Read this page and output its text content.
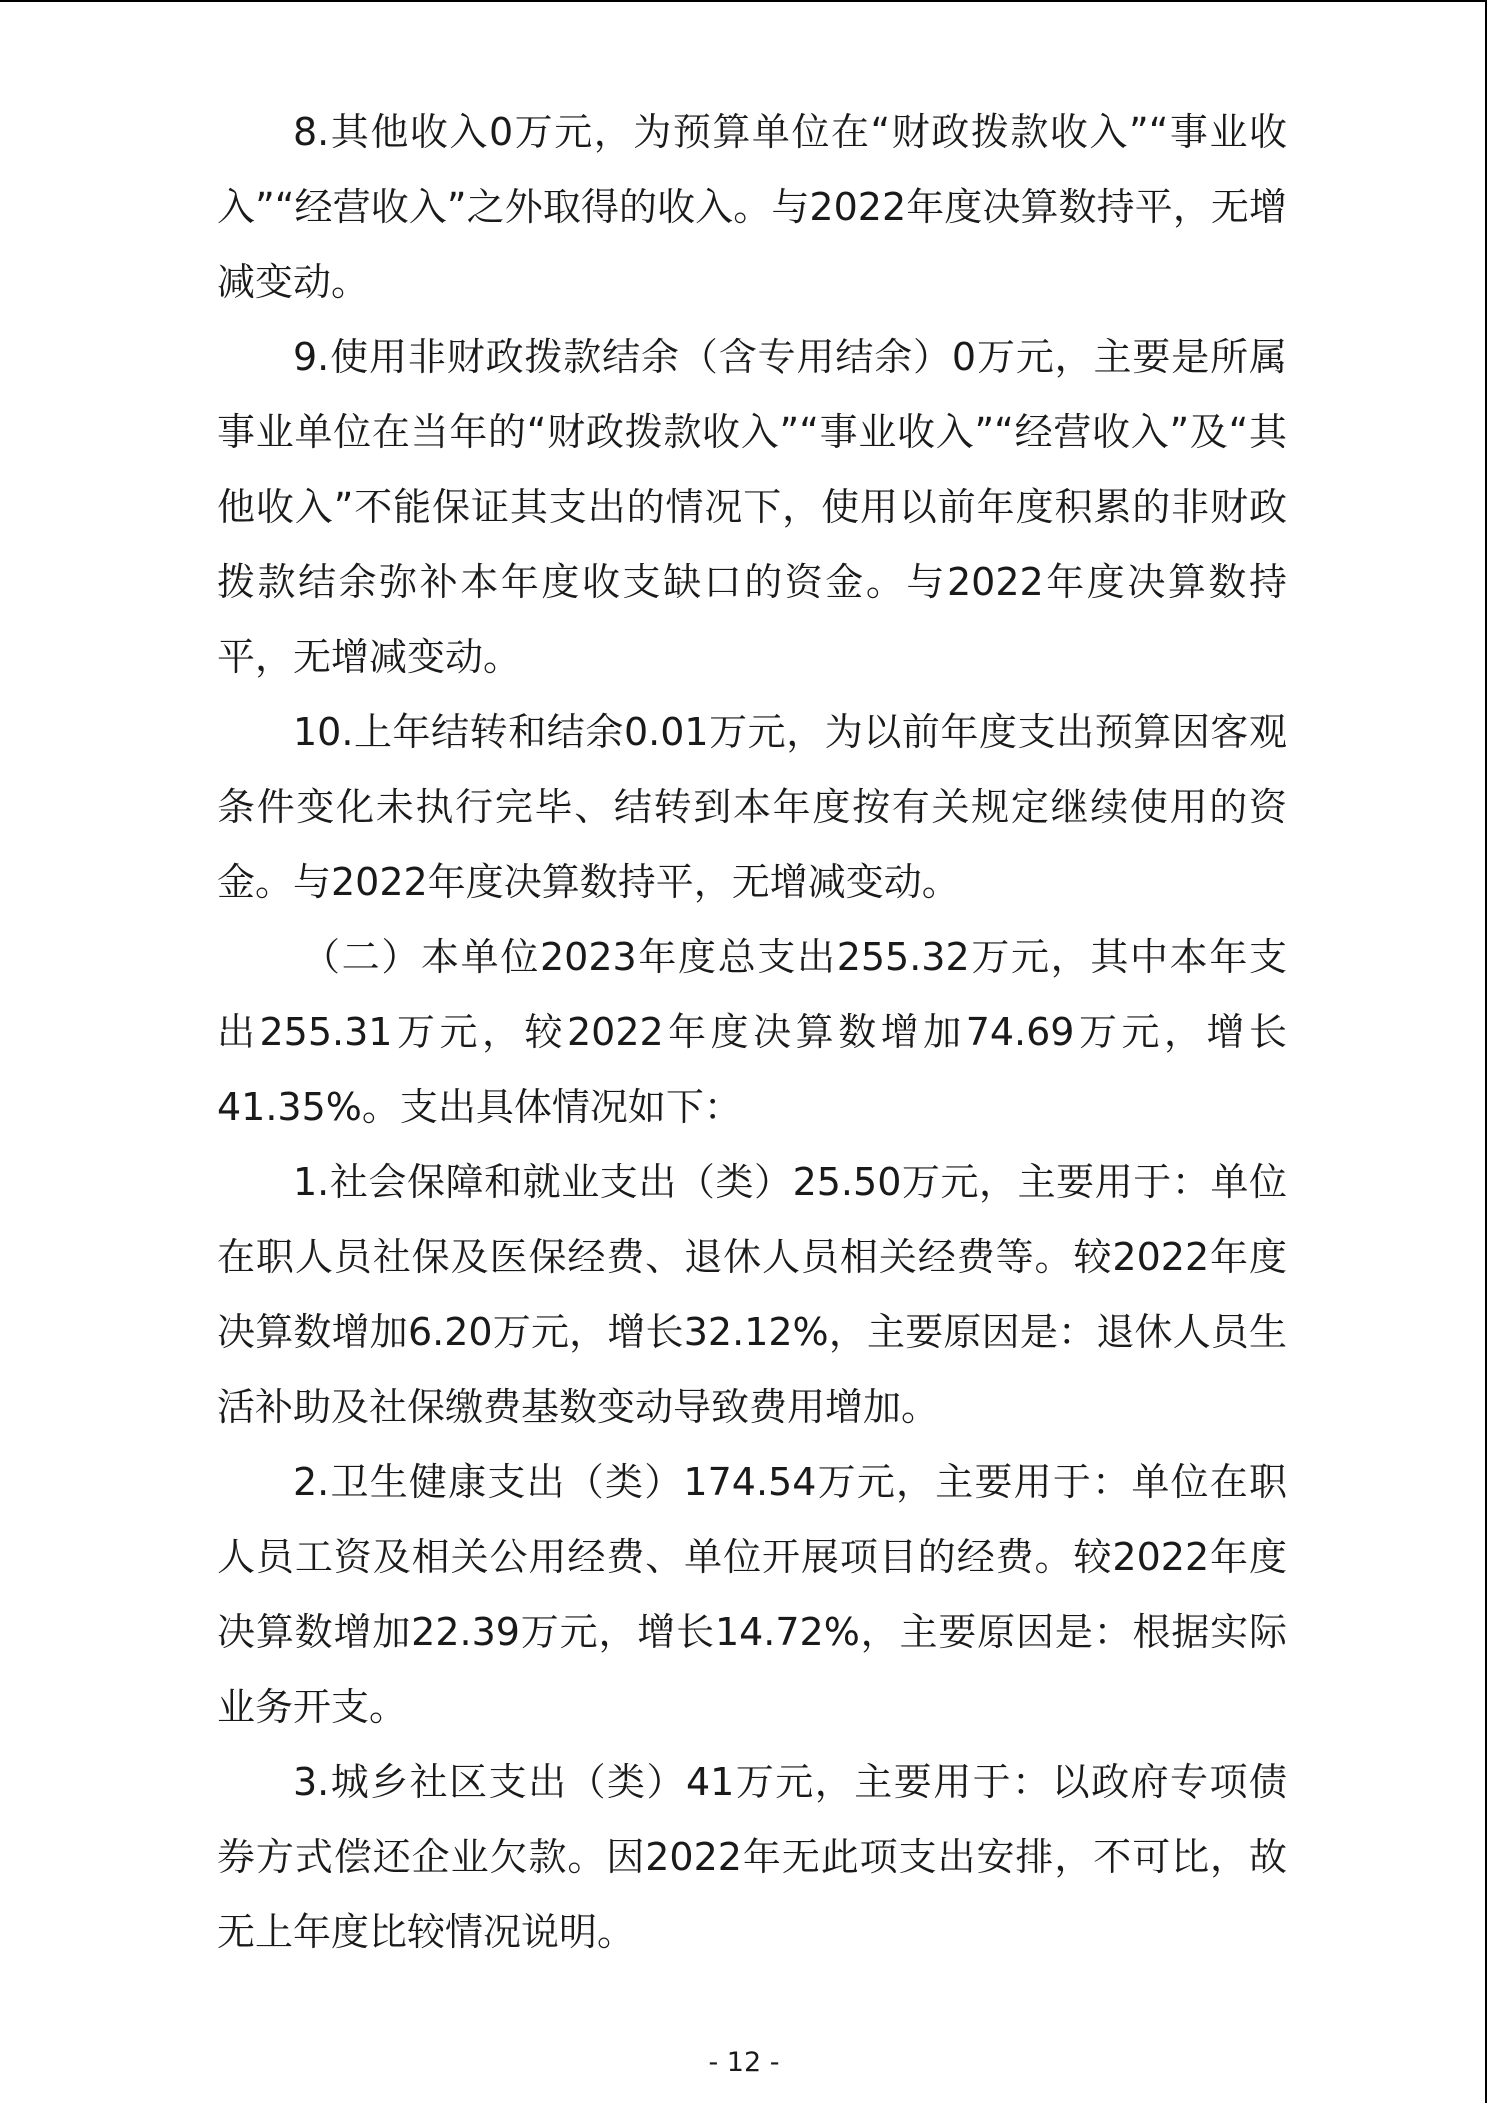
8.其他收入0万元，为预算单位在“财政拨款收入”“事业收入”“经营收入”之外取得的收入。与2022年度决算数持平，无增减变动。

9.使用非财政拨款结余（含专用结余）0万元，主要是所属事业单位在当年的“财政拨款收入”“事业收入”“经营收入”及“其他收入”不能保证其支出的情况下，使用以前年度积累的非财政拨款结余弥补本年度收支缺口的资金。与2022年度决算数持平，无增减变动。

10.上年结转和结余0.01万元，为以前年度支出预算因客观条件变化未执行完毕、结转到本年度按有关规定继续使用的资金。与2022年度决算数持平，无增减变动。

（二）本单位2023年度总支出255.32万元，其中本年支出255.31万元，较2022年度决算数增加74.69万元，增长41.35%。支出具体情况如下：

1.社会保障和就业支出（类）25.50万元，主要用于：单位在职人员社保及医保经费、退休人员相关经费等。较2022年度决算数增加6.20万元，增长32.12%，主要原因是：退休人员生活补助及社保缴费基数变动导致费用增加。

2.卫生健康支出（类）174.54万元，主要用于：单位在职人员工资及相关公用经费、单位开展项目的经费。较2022年度决算数增加22.39万元，增长14.72%，主要原因是：根据实际业务开支。

3.城乡社区支出（类）41万元，主要用于：以政府专项债券方式偿还企业欠款。因2022年无此项支出安排，不可比，故无上年度比较情况说明。

- 12 -
